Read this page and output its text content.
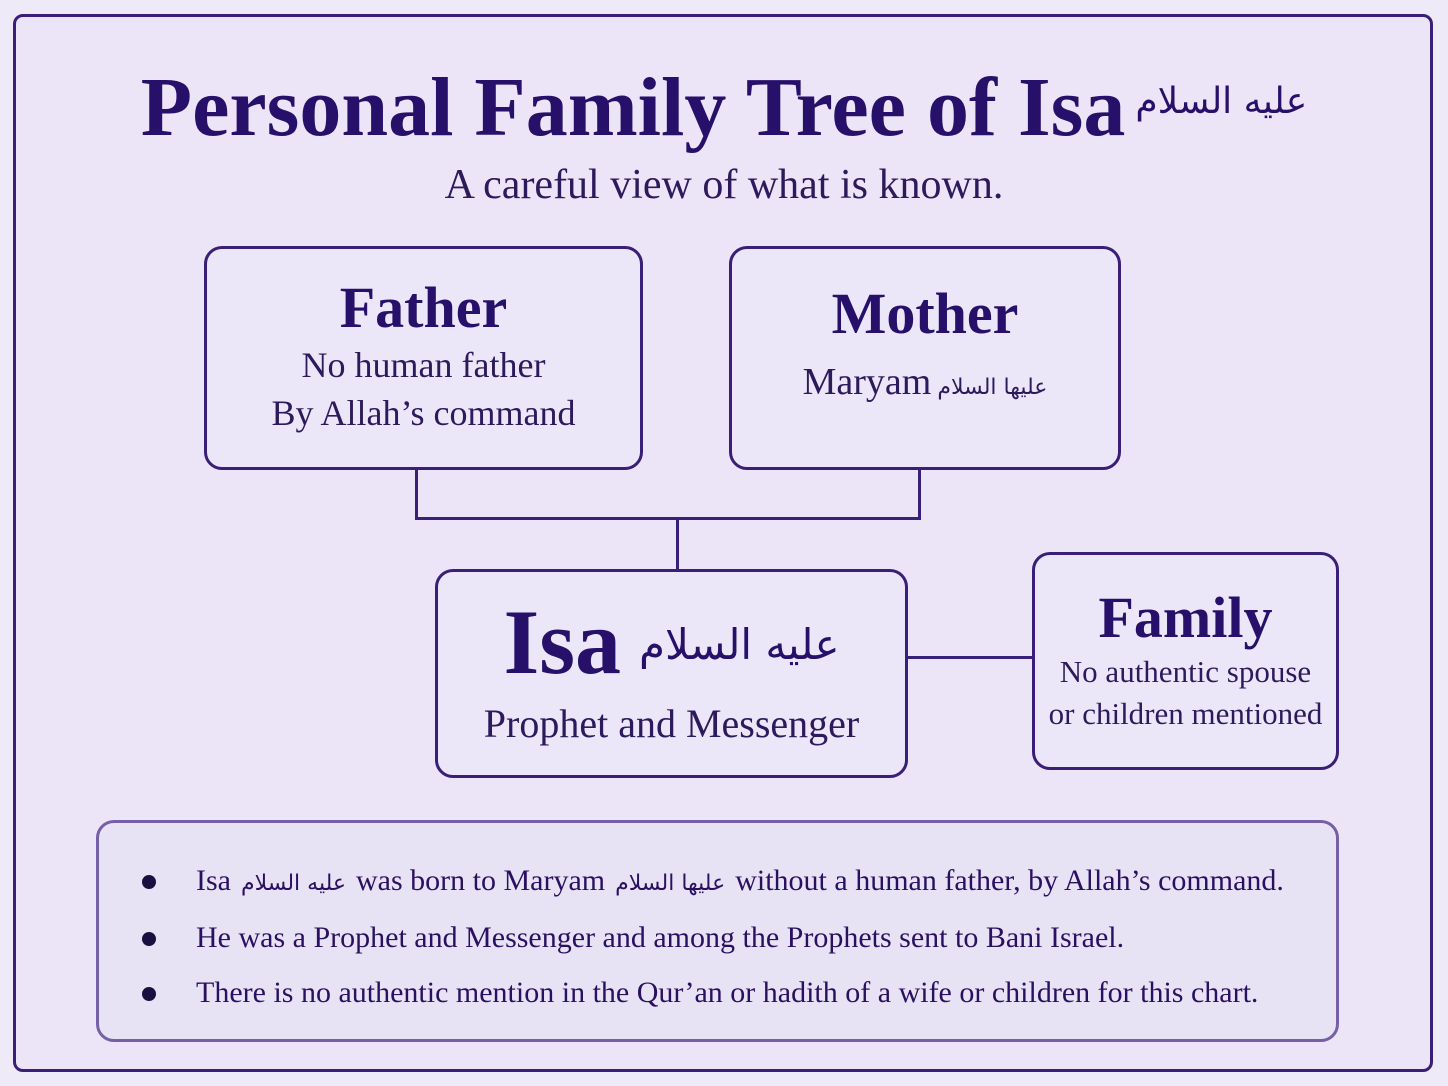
Personal Family Tree of Isa $^{عليه السلام}$
A careful view of what is known.
Father
No human father
By Allah’s command
Mother
Maryam عليها السلام
Isa عليه السلام
Prophet and Messenger
Family
No authentic spouse
or children mentioned
Isa عليه السلام was born to Maryam عليها السلام without a human father, by Allah’s command.
He was a Prophet and Messenger and among the Prophets sent to Bani Israel.
There is no authentic mention in the Qur’an or hadith of a wife or children for this chart.
